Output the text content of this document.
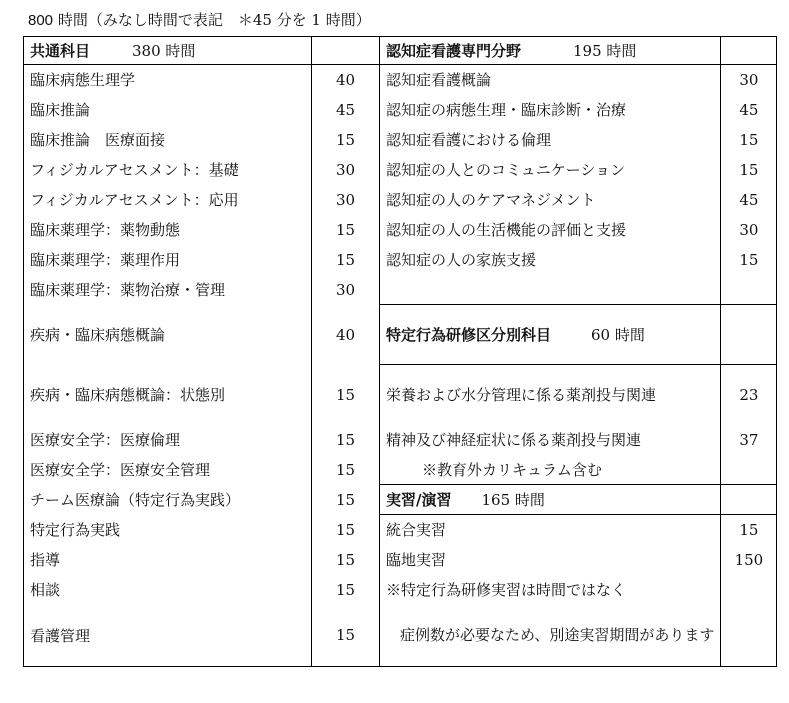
800 時間（みなし時間で表記　＊45 分を 1 時間）
共通科目 380 時間		認知症看護専門分野 195 時間	
臨床病態生理学	40	認知症看護概論	30
臨床推論	45	認知症の病態生理・臨床診断・治療	45
臨床推論　医療面接	15	認知症看護における倫理	15
フィジカルアセスメント：基礎	30	認知症の人とのコミュニケーション	15
フィジカルアセスメント：応用	30	認知症の人のケアマネジメント	45
臨床薬理学：薬物動態	15	認知症の人の生活機能の評価と支援	30
臨床薬理学：薬理作用	15	認知症の人の家族支援	15
臨床薬理学：薬物治療・管理	30		
疾病・臨床病態概論	40	特定行為研修区分別科目 60 時間	
疾病・臨床病態概論：状態別	15	栄養および水分管理に係る薬剤投与関連	23
医療安全学：医療倫理	15	精神及び神経症状に係る薬剤投与関連	37
医療安全学：医療安全管理	15	※教育外カリキュラム含む	
チーム医療論（特定行為実践）	15	実習/演習 165 時間	
特定行為実践	15	統合実習	15
指導	15	臨地実習	150
相談	15	※特定行為研修実習は時間ではなく	
看護管理	15	症例数が必要なため、別途実習期間があります	
